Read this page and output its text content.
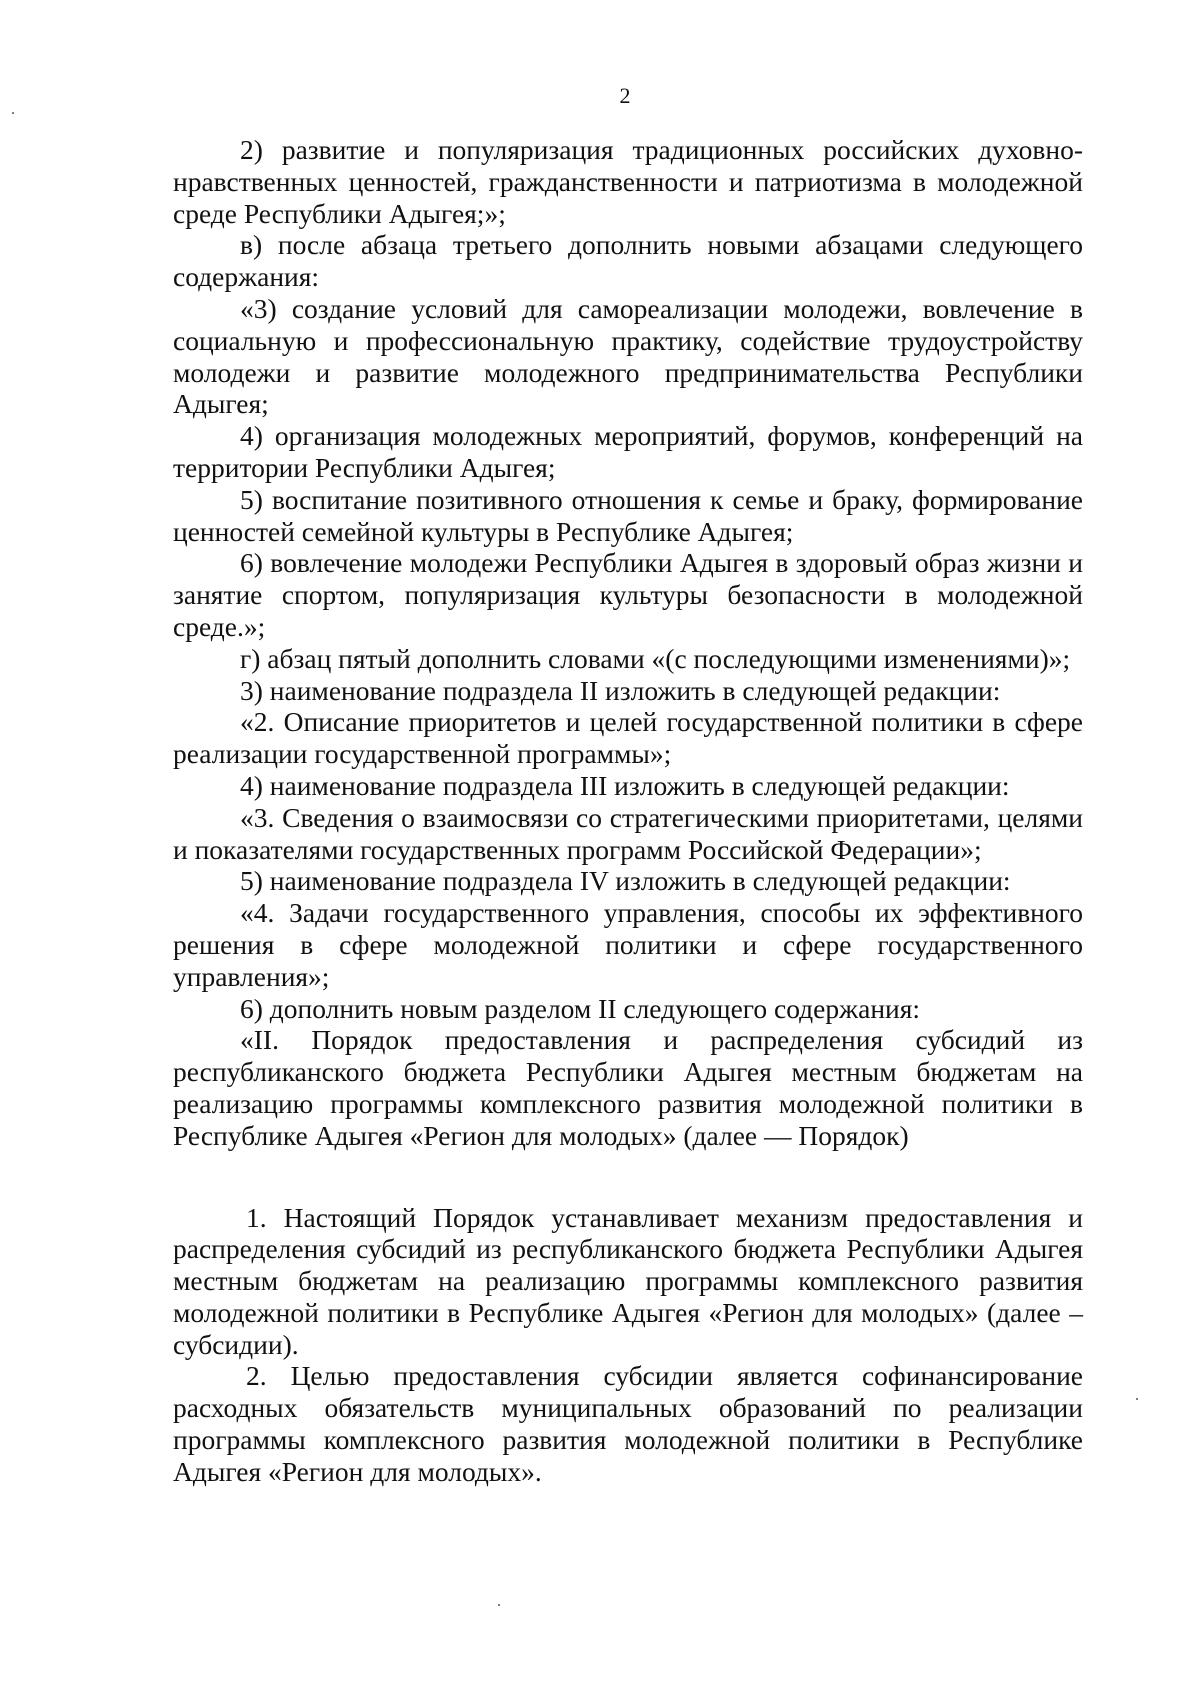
2

2) развитие и популяризация традиционных российских духовно-нравственных ценностей, гражданственности и патриотизма в молодежной среде Республики Адыгея;»;

в) после абзаца третьего дополнить новыми абзацами следующего содержания:

«3) создание условий для самореализации молодежи, вовлечение в социальную и профессиональную практику, содействие трудоустройству молодежи и развитие молодежного предпринимательства Республики Адыгея;

4) организация молодежных мероприятий, форумов, конференций на территории Республики Адыгея;

5) воспитание позитивного отношения к семье и браку, формирование ценностей семейной культуры в Республике Адыгея;

6) вовлечение молодежи Республики Адыгея в здоровый образ жизни и занятие спортом, популяризация культуры безопасности в молодежной среде.»;

г) абзац пятый дополнить словами «(с последующими изменениями)»;

3) наименование подраздела II изложить в следующей редакции:

«2. Описание приоритетов и целей государственной политики в сфере реализации государственной программы»;

4) наименование подраздела III изложить в следующей редакции:

«3. Сведения о взаимосвязи со стратегическими приоритетами, целями и показателями государственных программ Российской Федерации»;

5) наименование подраздела IV изложить в следующей редакции:

«4. Задачи государственного управления, способы их эффективного решения в сфере молодежной политики и сфере государственного управления»;

6) дополнить новым разделом II следующего содержания:

«II. Порядок предоставления и распределения субсидий из республиканского бюджета Республики Адыгея местным бюджетам на реализацию программы комплексного развития молодежной политики в Республике Адыгея «Регион для молодых» (далее — Порядок)

1. Настоящий Порядок устанавливает механизм предоставления и распределения субсидий из республиканского бюджета Республики Адыгея местным бюджетам на реализацию программы комплексного развития молодежной политики в Республике Адыгея «Регион для молодых» (далее – субсидии).

2. Целью предоставления субсидии является софинансирование расходных обязательств муниципальных образований по реализации программы комплексного развития молодежной политики в Республике Адыгея «Регион для молодых».
